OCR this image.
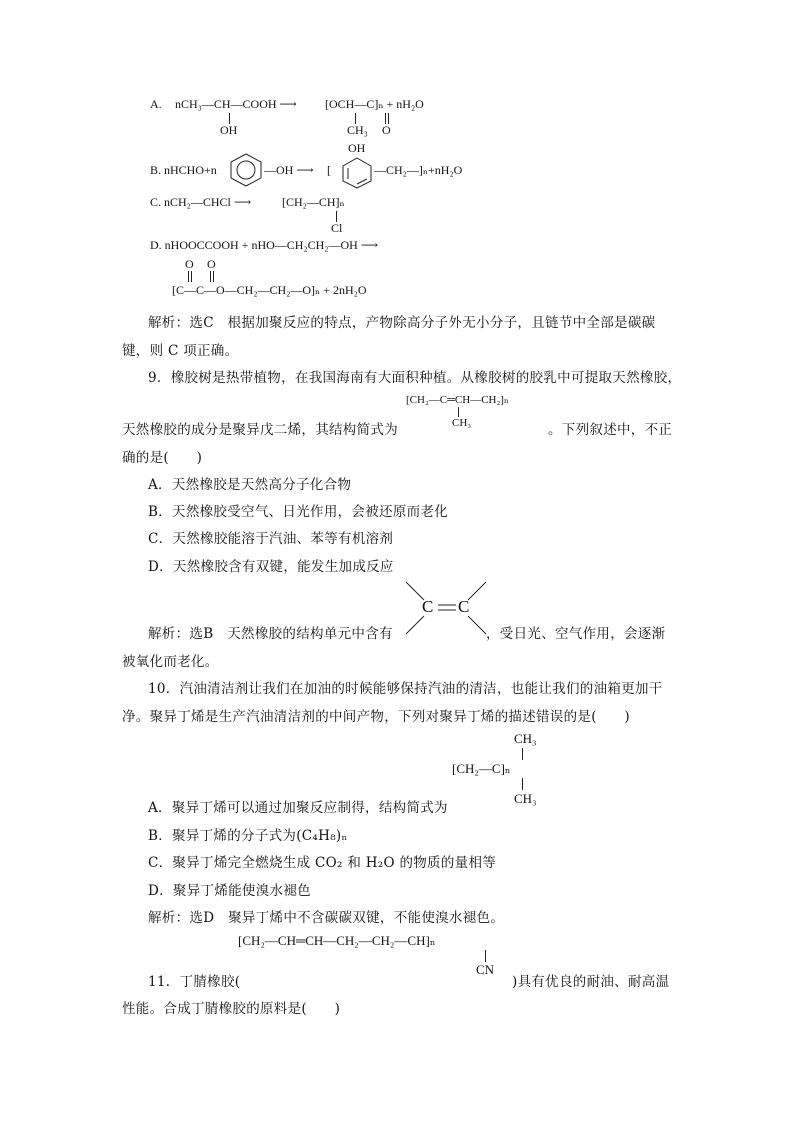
A. nCH₃—CH—COOH ⟶
OH
[OCH—C]ₙ + nH₂O
CH₃ O
B. nHCHO+n	—OH ⟶ [
OH
—CH₂—]ₙ+nH₂O
C. nCH₂—CHCl ⟶	[CH₂—CH]ₙ
Cl
D. nHOOCCOOH + nHO—CH₂CH₂—OH ⟶
O O
[C—C—O—CH₂—CH₂—O]ₙ + 2nH₂O
解析：选C　根据加聚反应的特点，产物除高分子外无小分子，且链节中全部是碳碳
键，则 C 项正确。
9．橡胶树是热带植物，在我国海南有大面积种植。从橡胶树的胶乳中可提取天然橡胶，
[CH₂—C═CH—CH₂]ₙ
CH₃
天然橡胶的成分是聚异戊二烯，其结构简式为	。下列叙述中，不正
确的是(　　)
A．天然橡胶是天然高分子化合物
B．天然橡胶受空气、日光作用，会被还原而老化
C．天然橡胶能溶于汽油、苯等有机溶剂
D．天然橡胶含有双键，能发生加成反应
C C
解析：选B　天然橡胶的结构单元中含有	，受日光、空气作用，会逐渐
被氧化而老化。
10．汽油清洁剂让我们在加油的时候能够保持汽油的清洁，也能让我们的油箱更加干
净。聚异丁烯是生产汽油清洁剂的中间产物，下列对聚异丁烯的描述错误的是(　　)
CH₃
[CH₂—C]ₙ
CH₃
A．聚异丁烯可以通过加聚反应制得，结构简式为
B．聚异丁烯的分子式为(C₄H₈)ₙ
C．聚异丁烯完全燃烧生成 CO₂ 和 H₂O 的物质的量相等
D．聚异丁烯能使溴水褪色
解析：选D　聚异丁烯中不含碳碳双键，不能使溴水褪色。
[CH₂—CH═CH—CH₂—CH₂—CH]ₙ
CN
11．丁腈橡胶(	)具有优良的耐油、耐高温
性能。合成丁腈橡胶的原料是(　　)
